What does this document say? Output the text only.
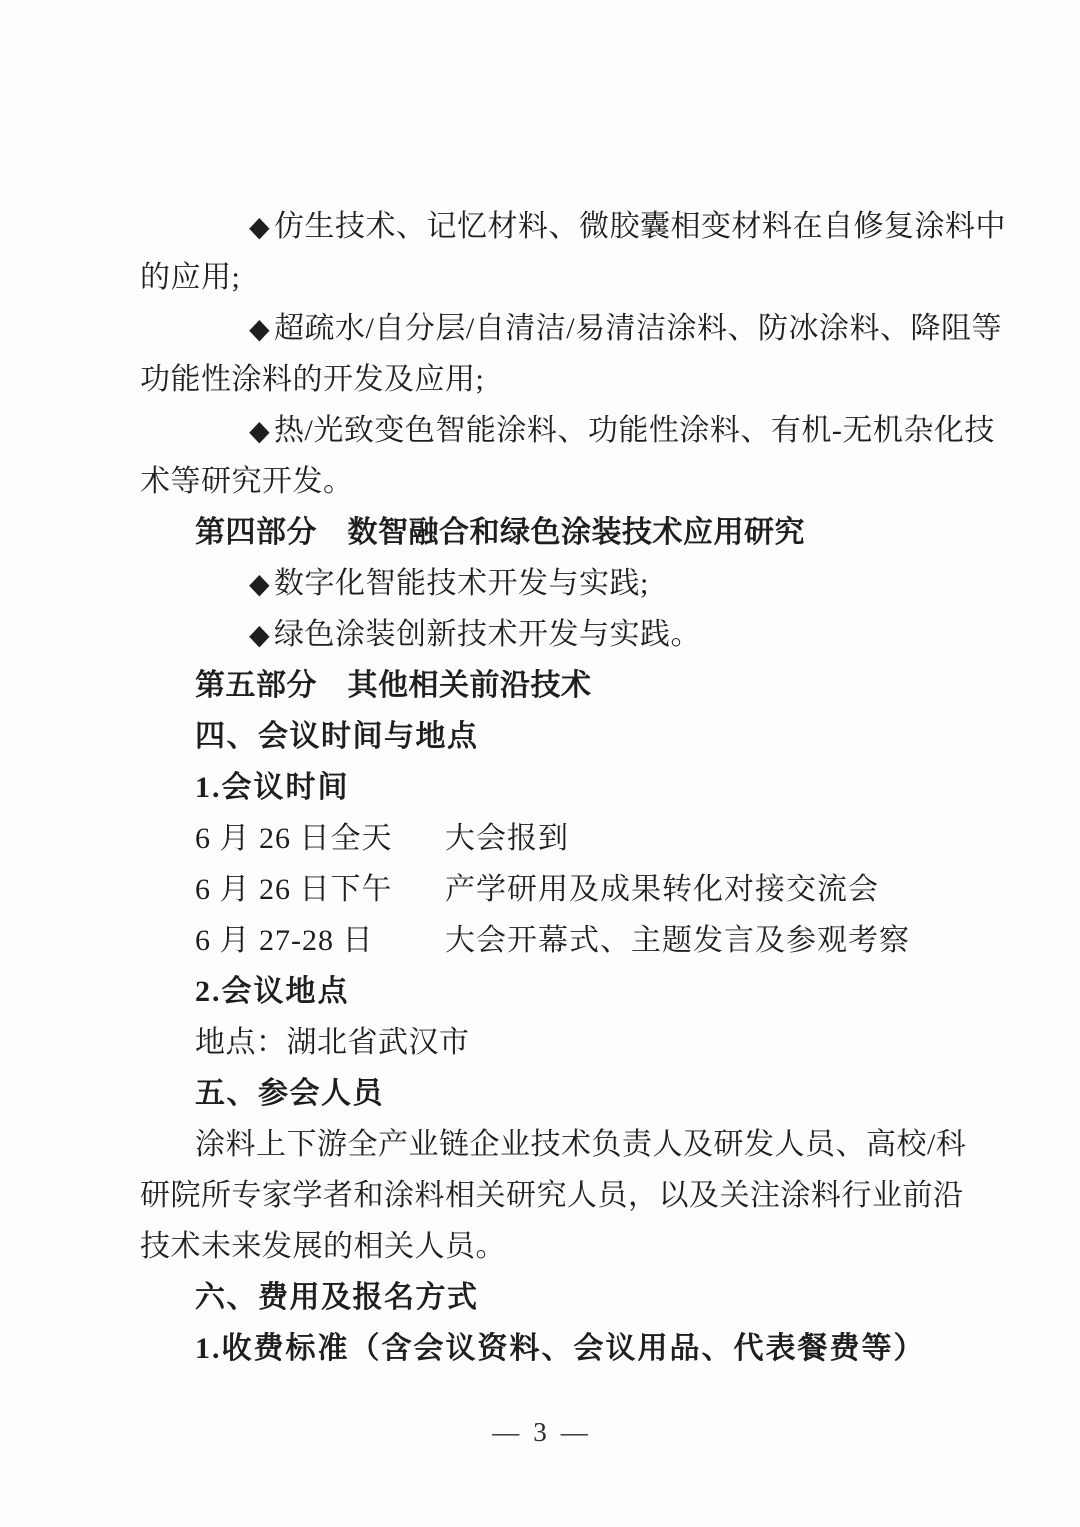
◆ 仿生技术、记忆材料、微胶囊相变材料在自修复涂料中
的应用;
◆ 超疏水/自分层/自清洁/易清洁涂料、防冰涂料、降阻等
功能性涂料的开发及应用;
◆ 热/光致变色智能涂料、功能性涂料、有机-无机杂化技
术等研究开发。
第四部分　数智融合和绿色涂装技术应用研究
◆ 数字化智能技术开发与实践;
◆ 绿色涂装创新技术开发与实践。
第五部分　其他相关前沿技术
四、会议时间与地点
1.会议时间
6 月 26 日全天 大会报到
6 月 26 日下午 产学研用及成果转化对接交流会
6 月 27-28 日 大会开幕式、主题发言及参观考察
2.会议地点
地点：湖北省武汉市
五、参会人员
涂料上下游全产业链企业技术负责人及研发人员、高校/科
研院所专家学者和涂料相关研究人员，以及关注涂料行业前沿
技术未来发展的相关人员。
六、费用及报名方式
1.收费标准（含会议资料、会议用品、代表餐费等）
— 3 —
